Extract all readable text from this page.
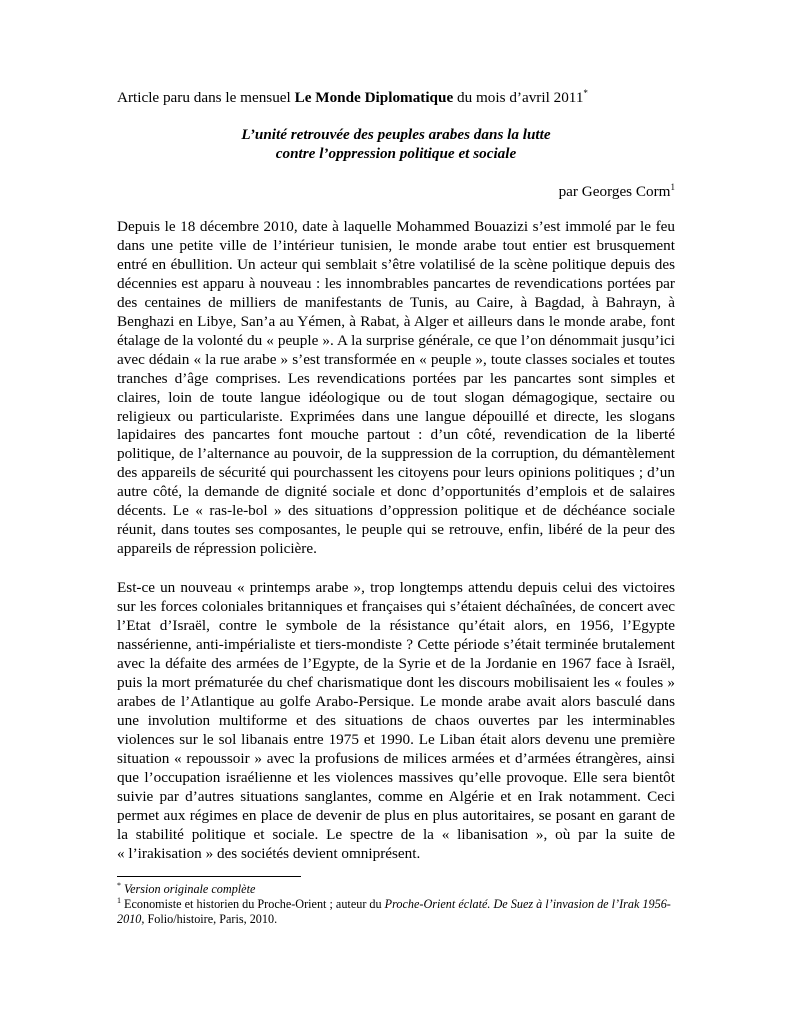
Article paru dans le mensuel Le Monde Diplomatique du mois d’avril 2011*

L’unité retrouvée des peuples arabes dans la lutte
contre l’oppression politique et sociale

par Georges Corm$^1$

Depuis le 18 décembre 2010, date à laquelle Mohammed Bouazizi s’est immolé par le feu dans une petite ville de l’intérieur tunisien, le monde arabe tout entier est brusquement entré en ébullition. Un acteur qui semblait s’être volatilisé de la scène politique depuis des décennies est apparu à nouveau : les innombrables pancartes de revendications portées par des centaines de milliers de manifestants de Tunis, au Caire, à Bagdad, à Bahrayn, à Benghazi en Libye, San’a au Yémen, à Rabat, à Alger et ailleurs dans le monde arabe, font étalage de la volonté du « peuple ». A la surprise générale, ce que l’on dénommait jusqu’ici avec dédain « la rue arabe » s’est transformée en « peuple », toute classes sociales et toutes tranches d’âge comprises. Les revendications portées par les pancartes sont simples et claires, loin de toute langue idéologique ou de tout slogan démagogique, sectaire ou religieux ou particulariste. Exprimées dans une langue dépouillé et directe, les slogans lapidaires des pancartes font mouche partout : d’un côté, revendication de la liberté politique, de l’alternance au pouvoir, de la suppression de la corruption, du démantèlement des appareils de sécurité qui pourchassent les citoyens pour leurs opinions politiques ; d’un autre côté, la demande de dignité sociale et donc d’opportunités d’emplois et de salaires décents. Le « ras-le-bol » des situations d’oppression politique et de déchéance sociale réunit, dans toutes ses composantes, le peuple qui se retrouve, enfin, libéré de la peur des appareils de répression policière.

Est-ce un nouveau « printemps arabe », trop longtemps attendu depuis celui des victoires sur les forces coloniales britanniques et françaises qui s’étaient déchaînées, de concert avec l’Etat d’Israël, contre le symbole de la résistance qu’était alors, en 1956, l’Egypte nassérienne, anti-impérialiste et tiers-mondiste ? Cette période s’était terminée brutalement avec la défaite des armées de l’Egypte, de la Syrie et de la Jordanie en 1967 face à Israël, puis la mort prématurée du chef charismatique dont les discours mobilisaient les « foules » arabes de l’Atlantique au golfe Arabo-Persique. Le monde arabe avait alors basculé dans une involution multiforme et des situations de chaos ouvertes par les interminables violences sur le sol libanais entre 1975 et 1990. Le Liban était alors devenu une première situation « repoussoir » avec la profusions de milices armées et d’armées étrangères, ainsi que l’occupation israélienne et les violences massives qu’elle provoque. Elle sera bientôt suivie par d’autres situations sanglantes, comme en Algérie et en Irak notamment. Ceci permet aux régimes en place de devenir de plus en plus autoritaires, se posant en garant de la stabilité politique et sociale. Le spectre de la « libanisation », où par la suite de « l’irakisation » des sociétés devient omniprésent.

* Version originale complète

$^1$ Economiste et historien du Proche-Orient ; auteur du Proche-Orient éclaté. De Suez à l’invasion de l’Irak 1956-2010, Folio/histoire, Paris, 2010.
